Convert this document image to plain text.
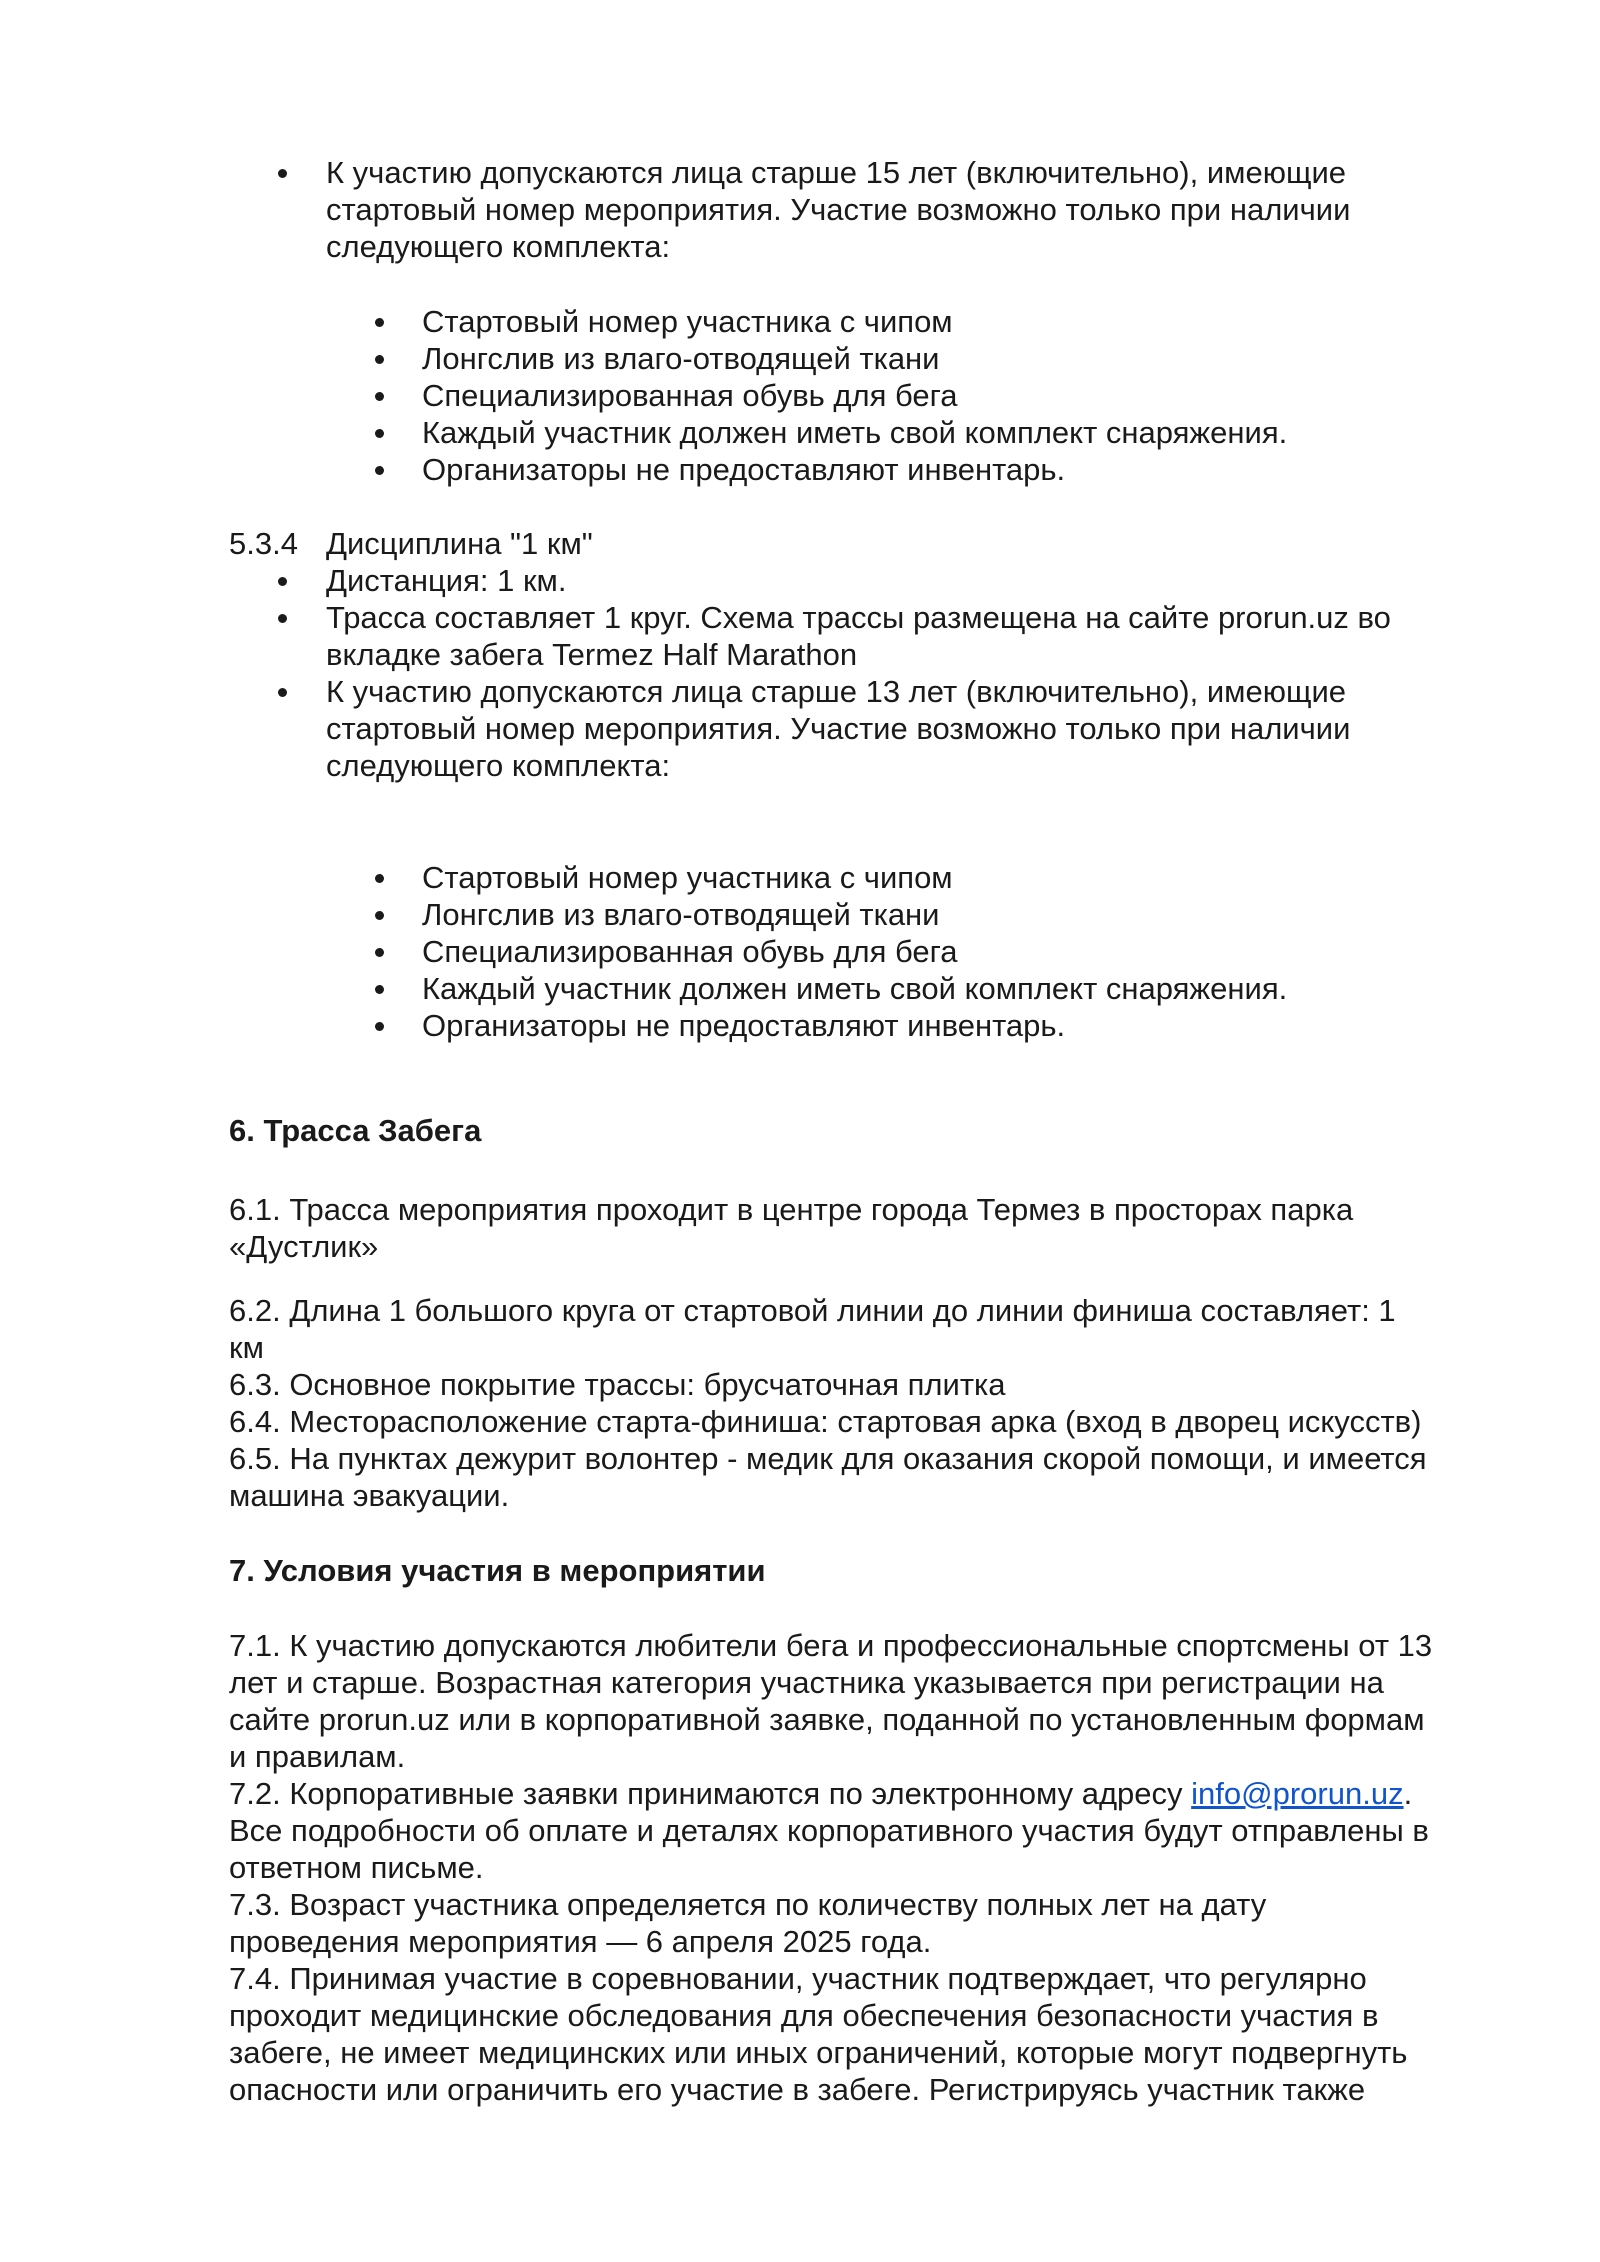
К участию допускаются лица старше 15 лет (включительно), имеющие
стартовый номер мероприятия. Участие возможно только при наличии
следующего комплекта:
Стартовый номер участника с чипом
Лонгслив из влаго-отводящей ткани
Специализированная обувь для бега
Каждый участник должен иметь свой комплект снаряжения.
Организаторы не предоставляют инвентарь.
5.3.4 Дисциплина "1 км"
Дистанция: 1 км.
Трасса составляет 1 круг. Схема трассы размещена на сайте prorun.uz во
вкладке забега Termez Half Marathon
К участию допускаются лица старше 13 лет (включительно), имеющие
стартовый номер мероприятия. Участие возможно только при наличии
следующего комплекта:
Стартовый номер участника с чипом
Лонгслив из влаго-отводящей ткани
Специализированная обувь для бега
Каждый участник должен иметь свой комплект снаряжения.
Организаторы не предоставляют инвентарь.
6. Трасса Забега
6.1. Трасса мероприятия проходит в центре города Термез в просторах парка
«Дустлик»
6.2. Длина 1 большого круга от стартовой линии до линии финиша составляет: 1
км
6.3. Основное покрытие трассы: брусчаточная плитка
6.4. Месторасположение старта-финиша: стартовая арка (вход в дворец искусств)
6.5. На пунктах дежурит волонтер - медик для оказания скорой помощи, и имеется
машина эвакуации.
7. Условия участия в мероприятии
7.1. К участию допускаются любители бега и профессиональные спортсмены от 13
лет и старше. Возрастная категория участника указывается при регистрации на
сайте prorun.uz или в корпоративной заявке, поданной по установленным формам
и правилам.
7.2. Корпоративные заявки принимаются по электронному адресу info@prorun.uz.
Все подробности об оплате и деталях корпоративного участия будут отправлены в
ответном письме.
7.3. Возраст участника определяется по количеству полных лет на дату
проведения мероприятия — 6 апреля 2025 года.
7.4. Принимая участие в соревновании, участник подтверждает, что регулярно
проходит медицинские обследования для обеспечения безопасности участия в
забеге, не имеет медицинских или иных ограничений, которые могут подвергнуть
опасности или ограничить его участие в забеге. Регистрируясь участник также
